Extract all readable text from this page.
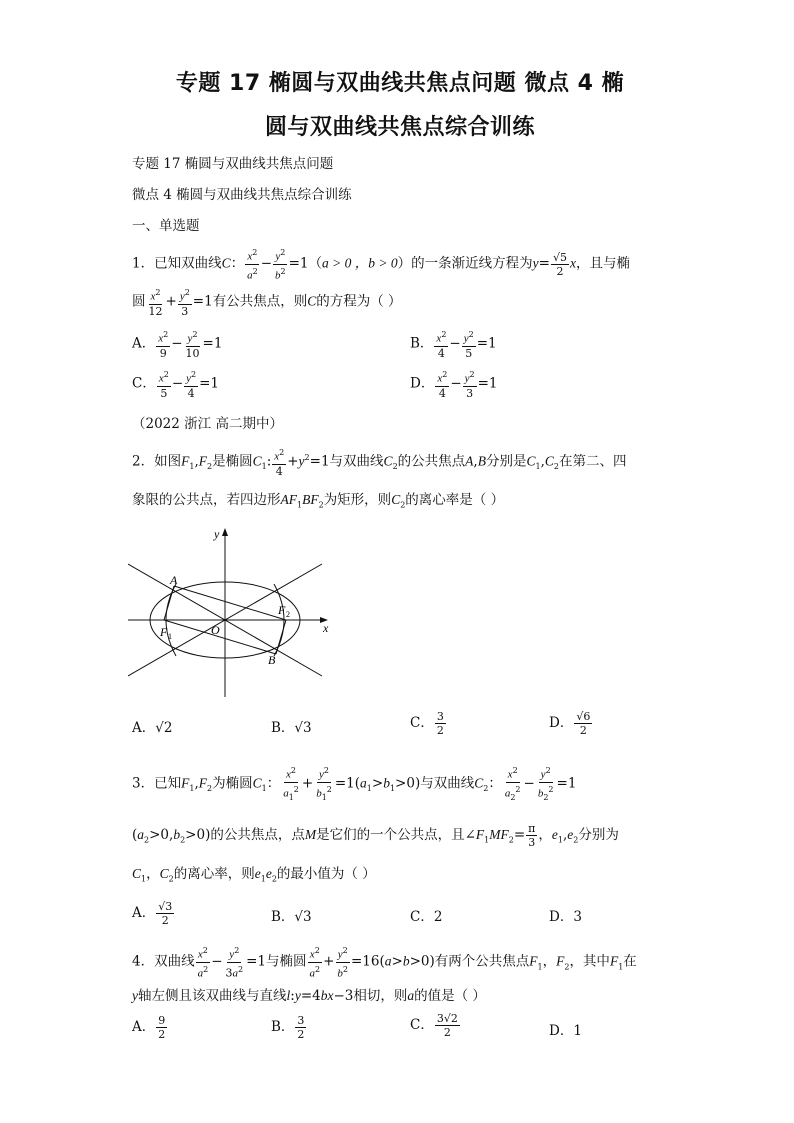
专题 17 椭圆与双曲线共焦点问题 微点 4 椭
圆与双曲线共焦点综合训练
专题 17 椭圆与双曲线共焦点问题
微点 4 椭圆与双曲线共焦点综合训练
一、单选题
1．已知双曲线C： $\frac{x^2}{a^2} - \frac{y^2}{b^2} =1(a > 0$ ，b > 0）的一条渐近线方程为$y= \frac{√5}{2}$ x，且与椭
圆 $\frac{x^2}{12} + \frac{y^2}{3} =1$有公共焦点，则C的方程为（ ）
A． $\frac{x^2}{9} - \frac{y^2}{10} =1$	B． $\frac{x^2}{4} - \frac{y^2}{5} =1$
C． $\frac{x^2}{5} - \frac{y^2}{4} =1$	D． $\frac{x^2}{4} - \frac{y^2}{3} =1$
（2022 浙江 高二期中）
2．如图$F_1,F_2$是椭圆$C_1$: $\frac{x^2}{4} +y^2=1$与双曲线$C_2$的公共焦点A,B分别是$C_1,C_2$在第二、四
象限的公共点，若四边形$AF_1BF_2$为矩形，则$C_2$的离心率是（ ）
y
x
O
A
B
F 1
F 2
A．√2	B．√3	C． $\frac{3}{2}$	D． $\frac{√6}{2}$
3．已知$F_1,F_2$为椭圆$C_1$： $\frac{x^2}{a_1^2} + \frac{y^2}{b_1^2} =1(a_1>b_1>0)$与双曲线$C_2$： $\frac{x^2}{a_2^2} - \frac{y^2}{b_2^2} =1$
$(a_2>0,b_2>0)$的公共焦点，点M是它们的一个公共点，且$\angle F_1MF_2= \frac{\pi}{3}$ ，$e_1,e_2$分别为
$C_1$，$C_2$的离心率，则$e_1e_2$的最小值为（ ）
A． $\frac{√3}{2}$	B．√3	C．2	D．3
4．双曲线 $\frac{x^2}{a^2} - \frac{y^2}{3a^2} =1$与椭圆 $\frac{x^2}{a^2} + \frac{y^2}{b^2} =16(a>b>0)$有两个公共焦点$F_1$，$F_2$，其中$F_1$在
y轴左侧且该双曲线与直线l:y=4bx−3相切，则a的值是（ ）
A． $\frac{9}{2}$	B． $\frac{3}{2}$	C． $\frac{3√2}{2}$	D．1
